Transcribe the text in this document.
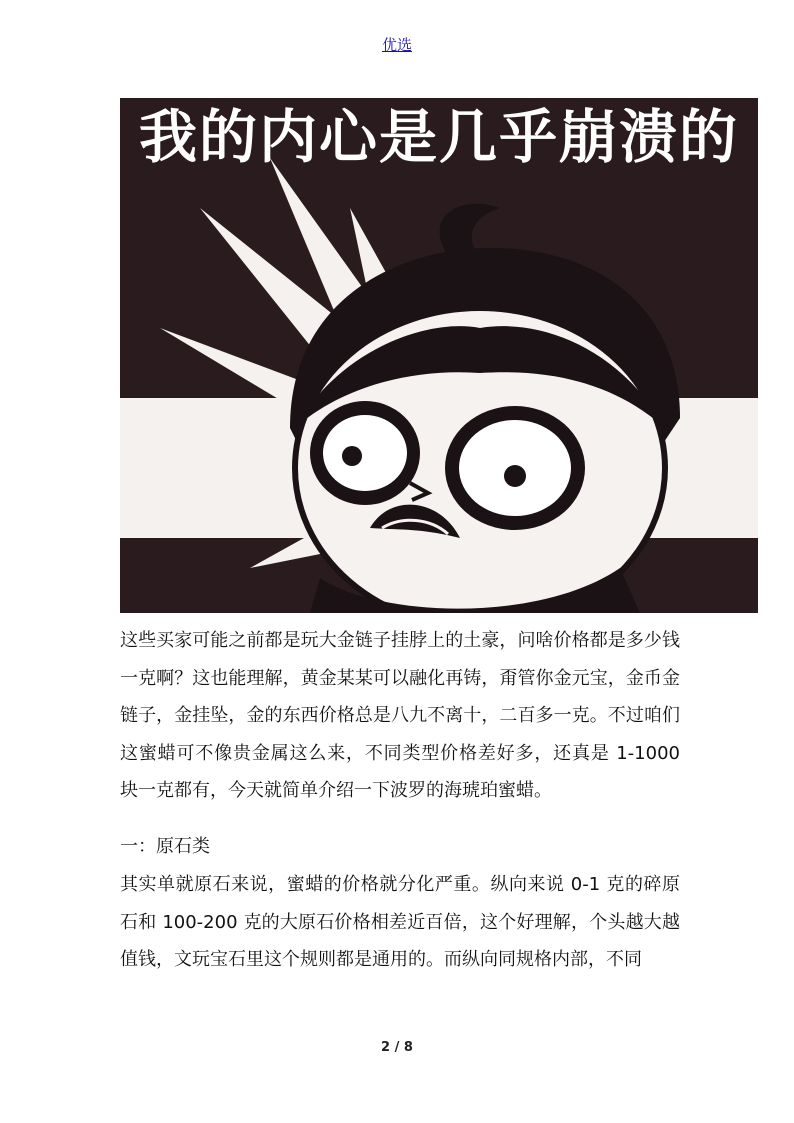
优选
我的内心是几乎崩溃的

这些买家可能之前都是玩大金链子挂脖上的土豪，问啥价格都是多少钱一克啊？这也能理解，黄金某某可以融化再铸，甭管你金元宝，金币金链子，金挂坠，金的东西价格总是八九不离十，二百多一克。不过咱们这蜜蜡可不像贵金属这么来，不同类型价格差好多，还真是 1-1000 块一克都有，今天就简单介绍一下波罗的海琥珀蜜蜡。

一：原石类

其实单就原石来说，蜜蜡的价格就分化严重。纵向来说 0-1 克的碎原石和 100-200 克的大原石价格相差近百倍，这个好理解，个头越大越值钱，文玩宝石里这个规则都是通用的。而纵向同规格内部，不同

2 / 8
